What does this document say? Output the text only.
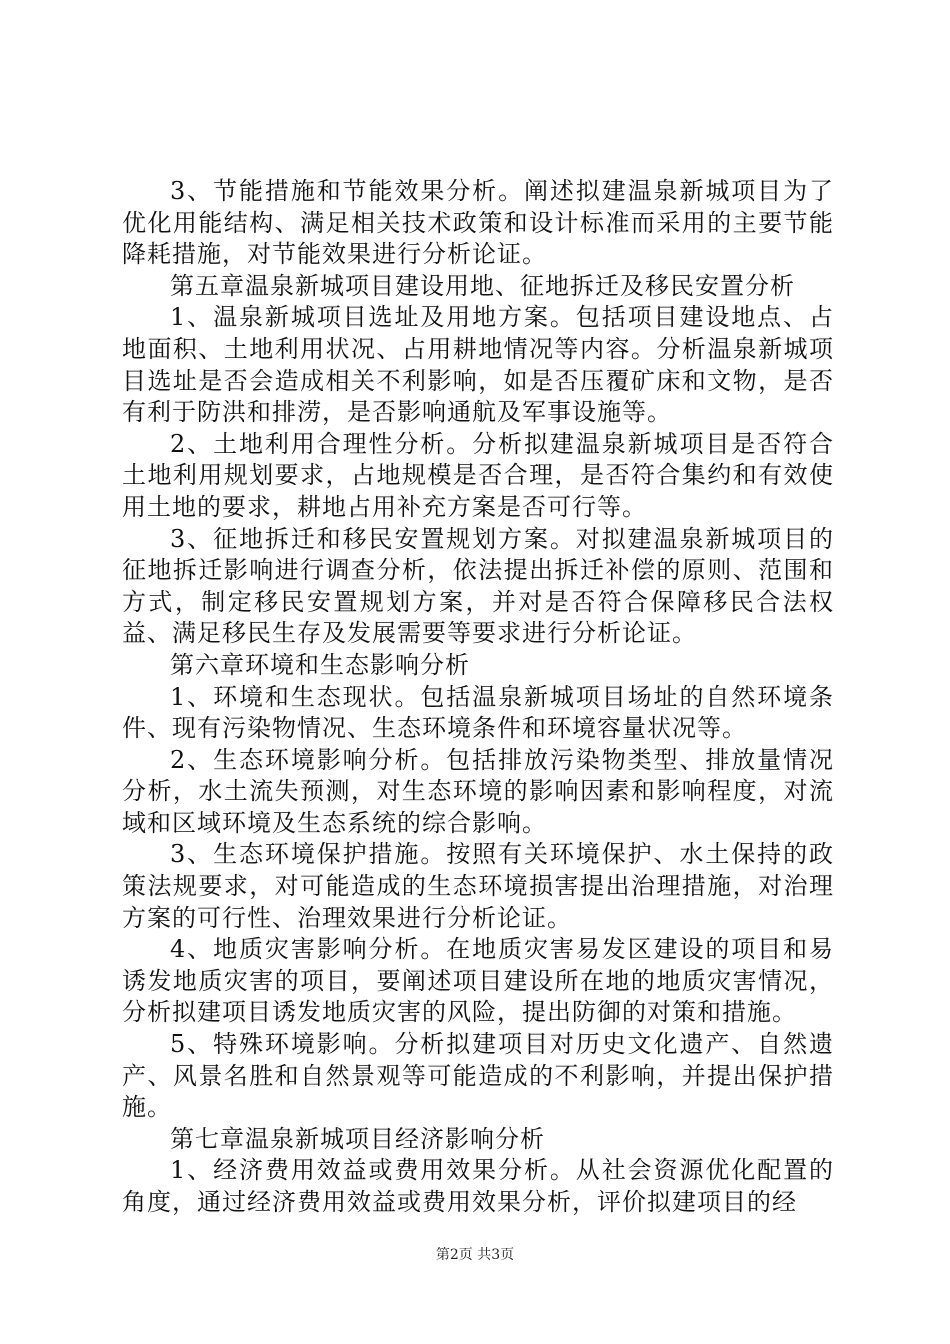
3、节能措施和节能效果分析。阐述拟建温泉新城项目为了优化用能结构、满足相关技术政策和设计标准而采用的主要节能降耗措施，对节能效果进行分析论证。

第五章温泉新城项目建设用地、征地拆迁及移民安置分析

1、温泉新城项目选址及用地方案。包括项目建设地点、占地面积、土地利用状况、占用耕地情况等内容。分析温泉新城项目选址是否会造成相关不利影响，如是否压覆矿床和文物，是否有利于防洪和排涝，是否影响通航及军事设施等。

2、土地利用合理性分析。分析拟建温泉新城项目是否符合土地利用规划要求，占地规模是否合理，是否符合集约和有效使用土地的要求，耕地占用补充方案是否可行等。

3、征地拆迁和移民安置规划方案。对拟建温泉新城项目的征地拆迁影响进行调查分析，依法提出拆迁补偿的原则、范围和方式，制定移民安置规划方案，并对是否符合保障移民合法权益、满足移民生存及发展需要等要求进行分析论证。

第六章环境和生态影响分析

1、环境和生态现状。包括温泉新城项目场址的自然环境条件、现有污染物情况、生态环境条件和环境容量状况等。

2、生态环境影响分析。包括排放污染物类型、排放量情况分析，水土流失预测，对生态环境的影响因素和影响程度，对流域和区域环境及生态系统的综合影响。

3、生态环境保护措施。按照有关环境保护、水土保持的政策法规要求，对可能造成的生态环境损害提出治理措施，对治理方案的可行性、治理效果进行分析论证。

4、地质灾害影响分析。在地质灾害易发区建设的项目和易诱发地质灾害的项目，要阐述项目建设所在地的地质灾害情况，分析拟建项目诱发地质灾害的风险，提出防御的对策和措施。

5、特殊环境影响。分析拟建项目对历史文化遗产、自然遗产、风景名胜和自然景观等可能造成的不利影响，并提出保护措施。

第七章温泉新城项目经济影响分析

1、经济费用效益或费用效果分析。从社会资源优化配置的角度，通过经济费用效益或费用效果分析，评价拟建项目的经

第2页 共3页
